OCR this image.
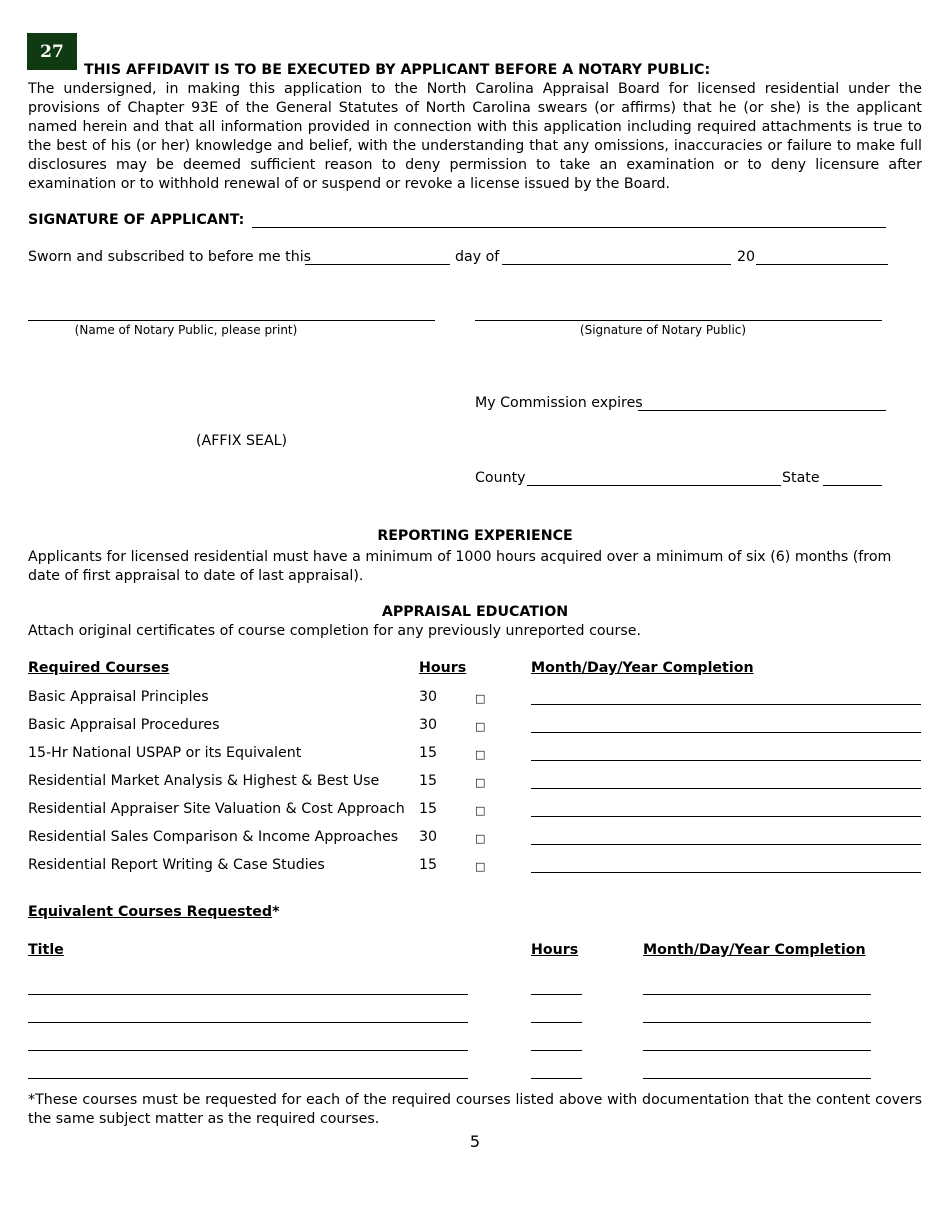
27
THIS AFFIDAVIT IS TO BE EXECUTED BY APPLICANT BEFORE A NOTARY PUBLIC:
The undersigned, in making this application to the North Carolina Appraisal Board for licensed residential under the provisions of Chapter 93E of the General Statutes of North Carolina swears (or affirms) that he (or she) is the applicant named herein and that all information provided in connection with this application including required attachments is true to the best of his (or her) knowledge and belief, with the understanding that any omissions, inaccuracies or failure to make full disclosures may be deemed sufficient reason to deny permission to take an examination or to deny licensure after examination or to withhold renewal of or suspend or revoke a license issued by the Board.
SIGNATURE OF APPLICANT:
Sworn and subscribed to before me this	day of	20
(Name of Notary Public, please print)	(Signature of Notary Public)
My Commission expires
(AFFIX SEAL)
County	State
REPORTING EXPERIENCE
Applicants for licensed residential must have a minimum of 1000 hours acquired over a minimum of six (6) months (from date of first appraisal to date of last appraisal).
APPRAISAL EDUCATION
Attach original certificates of course completion for any previously unreported course.
Required Courses	Hours	Month/Day/Year Completion
Basic Appraisal Principles	30	□
Basic Appraisal Procedures	30	□
15-Hr National USPAP or its Equivalent	15	□
Residential Market Analysis & Highest & Best Use	15	□
Residential Appraiser Site Valuation & Cost Approach 15	□
Residential Sales Comparison & Income Approaches 30	□
Residential Report Writing & Case Studies	15	□
Equivalent Courses Requested*
Title	Hours	Month/Day/Year Completion
*These courses must be requested for each of the required courses listed above with documentation that the content covers the same subject matter as the required courses.
5
